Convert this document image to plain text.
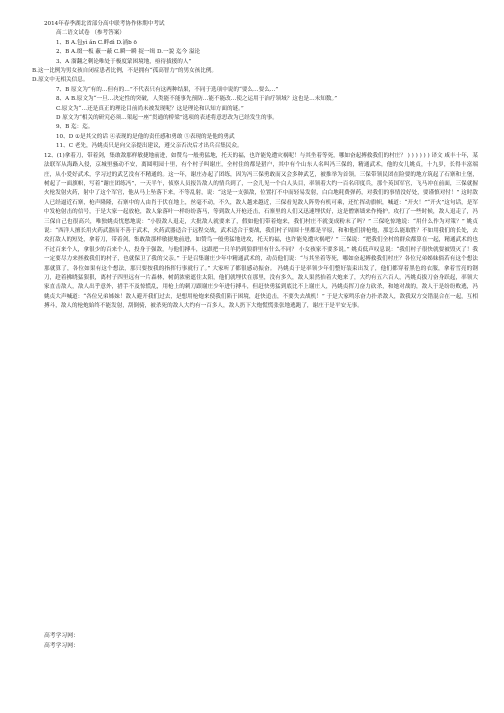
2014年春季湖北省部分高中联考协作体期中考试
高二语文试卷 （参考答案）
1、B A.包yì ǎn C.畔dì D.涌b ō
2、B A.缀一板 蔽一蔽 C.瞬一瞬 捉一缉 D.一貌 迄今 溢论
3、A 溜翻之剩论唯处于极度蒙困境地，亟待拔援的人”
B.这一比例为男女孩自闭症患者比例，不是拥有“孤高智力”的男女孩比例。
D.原文中无相关信息。
7、B 原文为“有的…但有的…”不代表只有这两种结果，不同于选项中说的“要么…要么…”
8、A B.原文为“一旦…决定性的突破，人类能不能事先预防…能不能改…使之运用于治疗领域？这也是…未知数。”
C.原文为“…还是真正的理论目前尚未被发现呢？这是理论和认知方面的谜。”
D 原文为“相关的研究必须…架起一座“贯通的桥梁”选项的表述将意思改为已经发生的事。
9、B 迄：迄。
10、D ①是其父的话 ④表现的是他的责任感和勇敢 ⑤表现的是他的勇武
11、C 老先，冯姚贞只是向父亲提出建议，遵父亲否决后才出兵召集民众。
12、(1)拿着刀，带着剑，集敢敌那样敏捷地前进，如赞鸟一般勇猛地，托天的福，也许能免遭灾祸呢！与其坐着等死，哪如奋起搏救我们的村庄？ ) ) ) ) ) ) 译文 咸丰十年，某法联军从海路入侵，京城里骚动不安，离圆明园十里，有个村子叫谢庄，全村住的都是猎户，其中有个山东人名叫冯三保的，精通武术，他的女儿姚贞，十九岁，长得丰富端庄，从小爱好武术，学习过的武艺没有不精通的。这一年，谢庄办起了团练，因为冯三保勇敢而又会多种武艺，被推举为首领。三保带领民团在险要的地方筑起了石寨和土堡，树起了一面旗帜，写着“谢庄团练冯”，一天半午，侦察人员报告敌人的情兵到了，一会儿见一个白人头目，率领着大约一百名印度兵，那个英国军官，飞马冲在前面，三保就握火枪发射火药，射中了这个军官，他从马上坠落下来，不等乱射，说：“这是一支强敌，位置打不中而轻易发射，白白地耗费弹药，对我们的事情没好处，要谨慎对付！” 这时敌人已经逼近石寨，枪声隆隆，石寨中的人由肖于伏在地上，丝毫不动，不久，敌人越来越近，三保看见敌人阵势有机可乘，还忙挥动旗帜，喊道：“开火！”“开火”这句话，是军中发枪射击的信号，于是大家一起放枪，敌人象落叶一样纷纷落马，等到敌人开枪还击，石寨里的人们又迅速埋伏好，这是僧寨墙来作掩护。攻打了一些时候，敌人退走了，冯三保自己也很高兴，唯独姚贞忧愁地说：“小股敌人退走，大批敌人就要来了，假如他们带着炮来，我们村庄不就变成粉末了吗？” 三保吃惊地说：“用什么作为对策？” 姚贞说：“西洋人擅长用火药武器而不善于武术，火药武器适合于远程交战，武术适合于要战，我们村子周围十里都是平原，和和他们拼枪炮，那怎么能取胜？不如用我们的长处，去攻打敌人的短处，拿着刀，带着剑，集敢敌那样敏捷地前进，如赞鸟一般勇猛地迸攻，托天的福，也许能免遭灾祸吧？” 三保说：“把我们全村的群众都算在一起，精通武术的也不过百来个人，拿很少的百来个人，投身于强敌，与他们搏斗，这跟把一只羊扔到狼群里有什么不同？ 小女孩家不要多说。” 姚贞低声叹息说：“我们村子很快就要被毁灭了！我一定要尽力来拯救我们的村子，也就保卫了我的父亲。” 于是召集谢庄少年中精通武术的，动员他们说：“与其坐着等死，哪如奋起搏救我们村庄？各位兄弟姊妹倘若有这个想法那就算了，各位如果有这个想法，那只要按我的指挥行事就行了。” 大家听了都很感动振奋。 冯姚贞于是率领少年们整好装束出发了，他们都穿着黑色的衣服，拿着雪亮的钢刀，趁着拂晓猛狠狠，离村子四里远有一片森林，树荫浓密遮住太阳，他们就埋伏在那里，没有多久，敌人果然抬着大炮来了，大约有五六百人，冯姚贞拔刀奋身跃起，率领大家直击敌人，敌人出乎意外，措手不及惊慌乱，用枪上的刺刀跟谢庄少年进行搏斗，但赶快勇猛到底比不上谢庄人，冯姚贞挥刀奋力砍杀，和她对战的，敌人于是纷纷败逃，冯姚贞大声喊道：“各位兄弟姊妹！敌人避开我们过去，是想用枪炮来使我们陷于困境，赶快追击，不要失去战机！” 于是大家鸣乐奋力扑杀敌人，敌我双方交错混合在一起，互相搏斗，敌人的枪炮始终不能发射，刮倒骑，被杀死的敌人大约有一百多人，敌人扔下大炮慌慌张张地逃跑了，谢庄于是平安无事。
高考学习网：
高考学习网：
